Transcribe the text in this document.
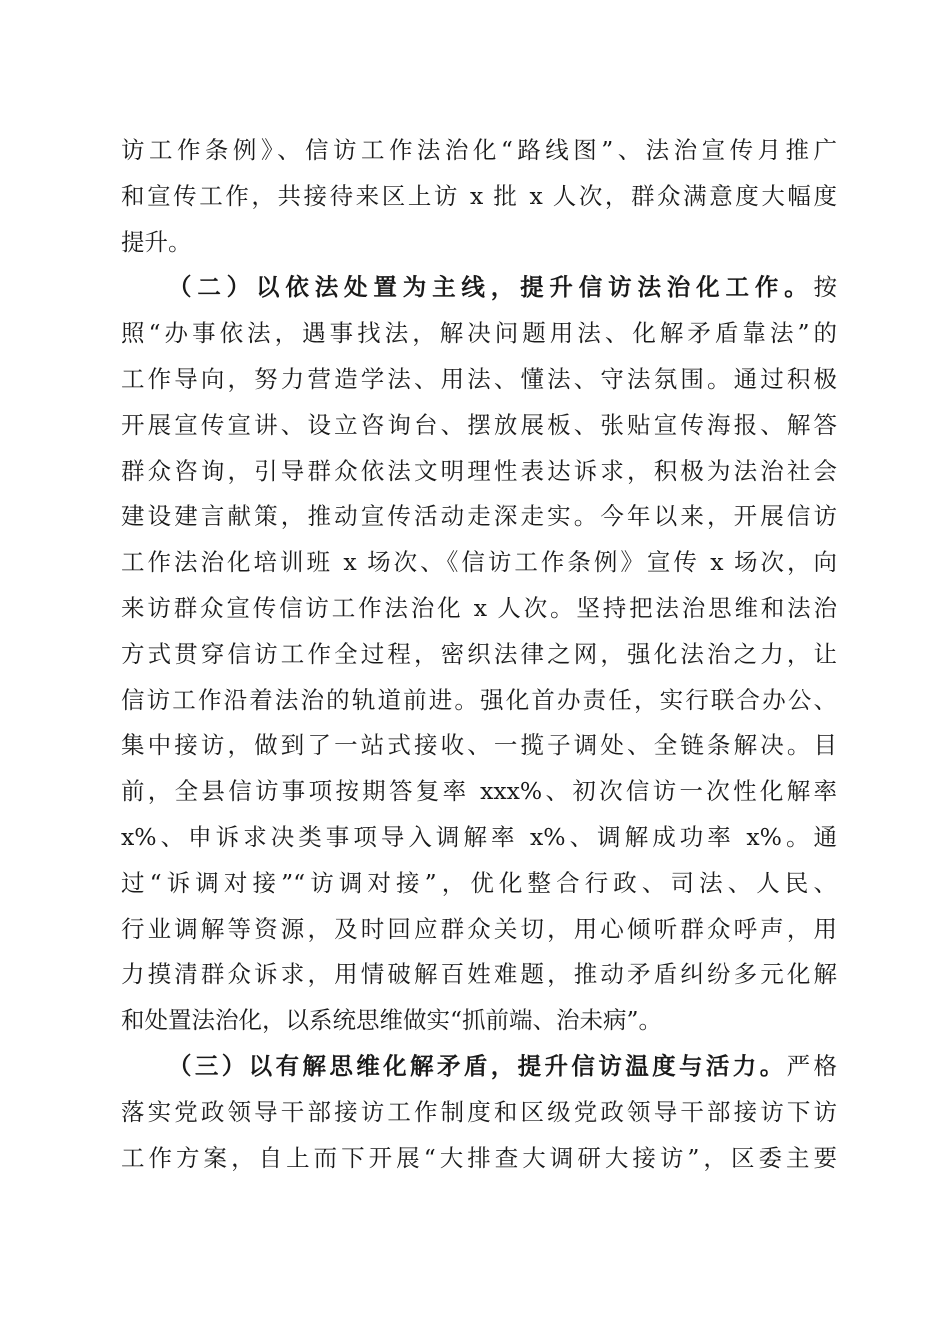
访工作条例》、信访工作法治化“路线图”、法治宣传月推广
和宣传工作，共接待来区上访 x 批 x 人次，群众满意度大幅度
提升。
（二）以依法处置为主线，提升信访法治化工作。按
照“办事依法，遇事找法，解决问题用法、化解矛盾靠法”的
工作导向，努力营造学法、用法、懂法、守法氛围。通过积极
开展宣传宣讲、设立咨询台、摆放展板、张贴宣传海报、解答
群众咨询，引导群众依法文明理性表达诉求，积极为法治社会
建设建言献策，推动宣传活动走深走实。今年以来，开展信访
工作法治化培训班 x 场次、《信访工作条例》宣传 x 场次，向
来访群众宣传信访工作法治化 x 人次。坚持把法治思维和法治
方式贯穿信访工作全过程，密织法律之网，强化法治之力，让
信访工作沿着法治的轨道前进。强化首办责任，实行联合办公、
集中接访，做到了一站式接收、一揽子调处、全链条解决。目
前，全县信访事项按期答复率 xxx%、初次信访一次性化解率
x%、申诉求决类事项导入调解率 x%、调解成功率 x%。通
过“诉调对接”“访调对接”，优化整合行政、司法、人民、
行业调解等资源，及时回应群众关切，用心倾听群众呼声，用
力摸清群众诉求，用情破解百姓难题，推动矛盾纠纷多元化解
和处置法治化，以系统思维做实“抓前端、治未病”。
（三）以有解思维化解矛盾，提升信访温度与活力。严格
落实党政领导干部接访工作制度和区级党政领导干部接访下访
工作方案，自上而下开展“大排查大调研大接访”，区委主要
